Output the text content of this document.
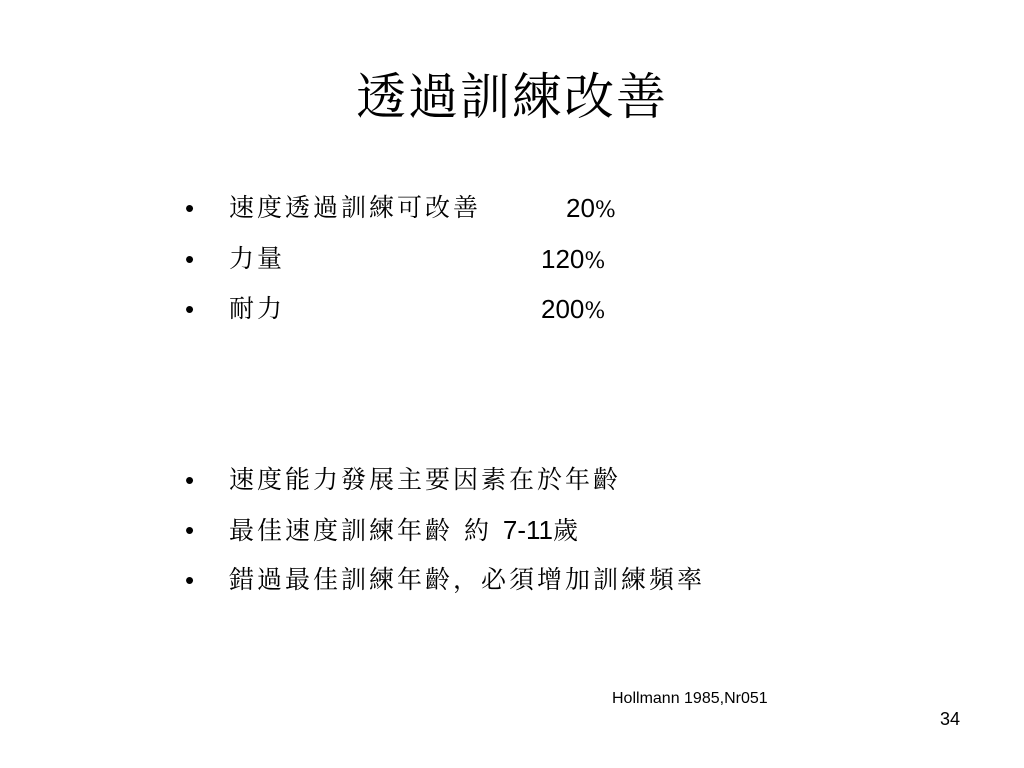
透過訓練改善
• 速度透過訓練可改善	20%
• 力量	120%
• 耐力	200%
• 速度能力發展主要因素在於年齡
• 最佳速度訓練年齡 約 7-11歲
• 錯過最佳訓練年齡，必須增加訓練頻率
Hollmann 1985,Nr051
34
